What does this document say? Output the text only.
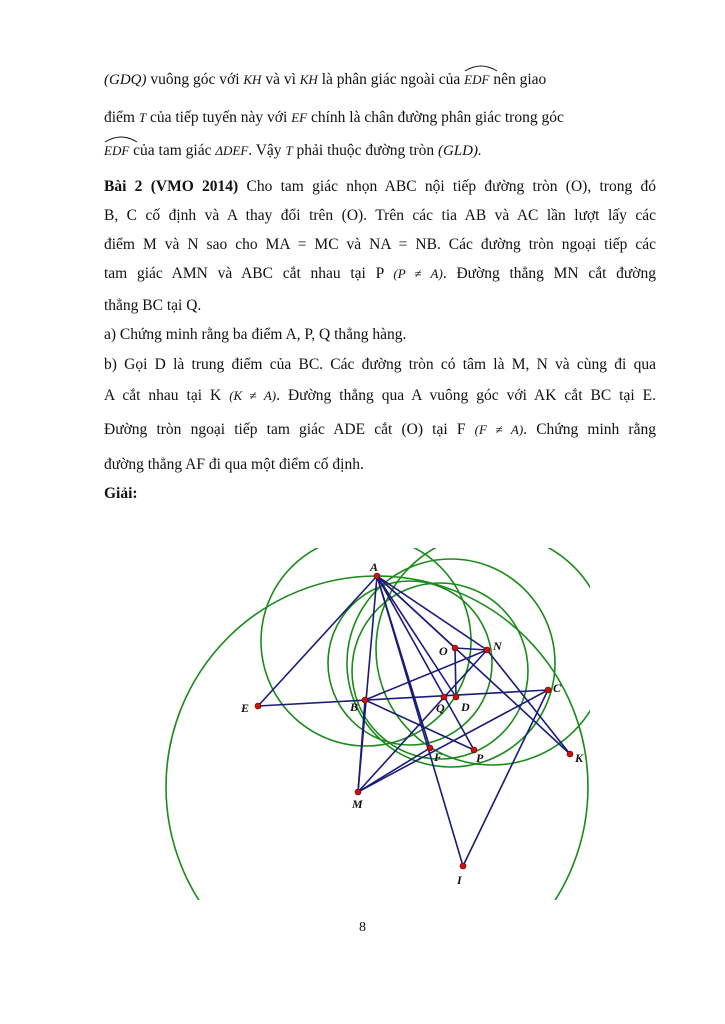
(GDQ) vuông góc với KH và vì KH là phân giác ngoài của
EDF nên giao
điểm T của tiếp tuyến này với EF chính là chân đường phân giác trong góc
EDF của tam giác ΔDEF. Vậy T phải thuộc đường tròn (GLD).
Bài 2 (VMO 2014) Cho tam giác nhọn ABC nội tiếp đường tròn (O), trong đó
B, C cố định và A thay đổi trên (O). Trên các tia AB và AC lần lượt lấy các
điểm M và N sao cho MA = MC và NA = NB. Các đường tròn ngoại tiếp các
tam giác AMN và ABC cắt nhau tại P (P ≠ A). Đường thẳng MN cắt đường
thẳng BC tại Q.
a) Chứng minh rằng ba điểm A, P, Q thẳng hàng.
b) Gọi D là trung điểm của BC. Các đường tròn có tâm là M, N và cùng đi qua
A cắt nhau tại K (K ≠ A). Đường thẳng qua A vuông góc với AK cắt BC tại E.
Đường tròn ngoại tiếp tam giác ADE cắt (O) tại F (F ≠ A). Chứng minh rằng
đường thẳng AF đi qua một điểm cố định.
Giải:
A
O	N
C
E	B	Q D
K
F	P
M
I
8
